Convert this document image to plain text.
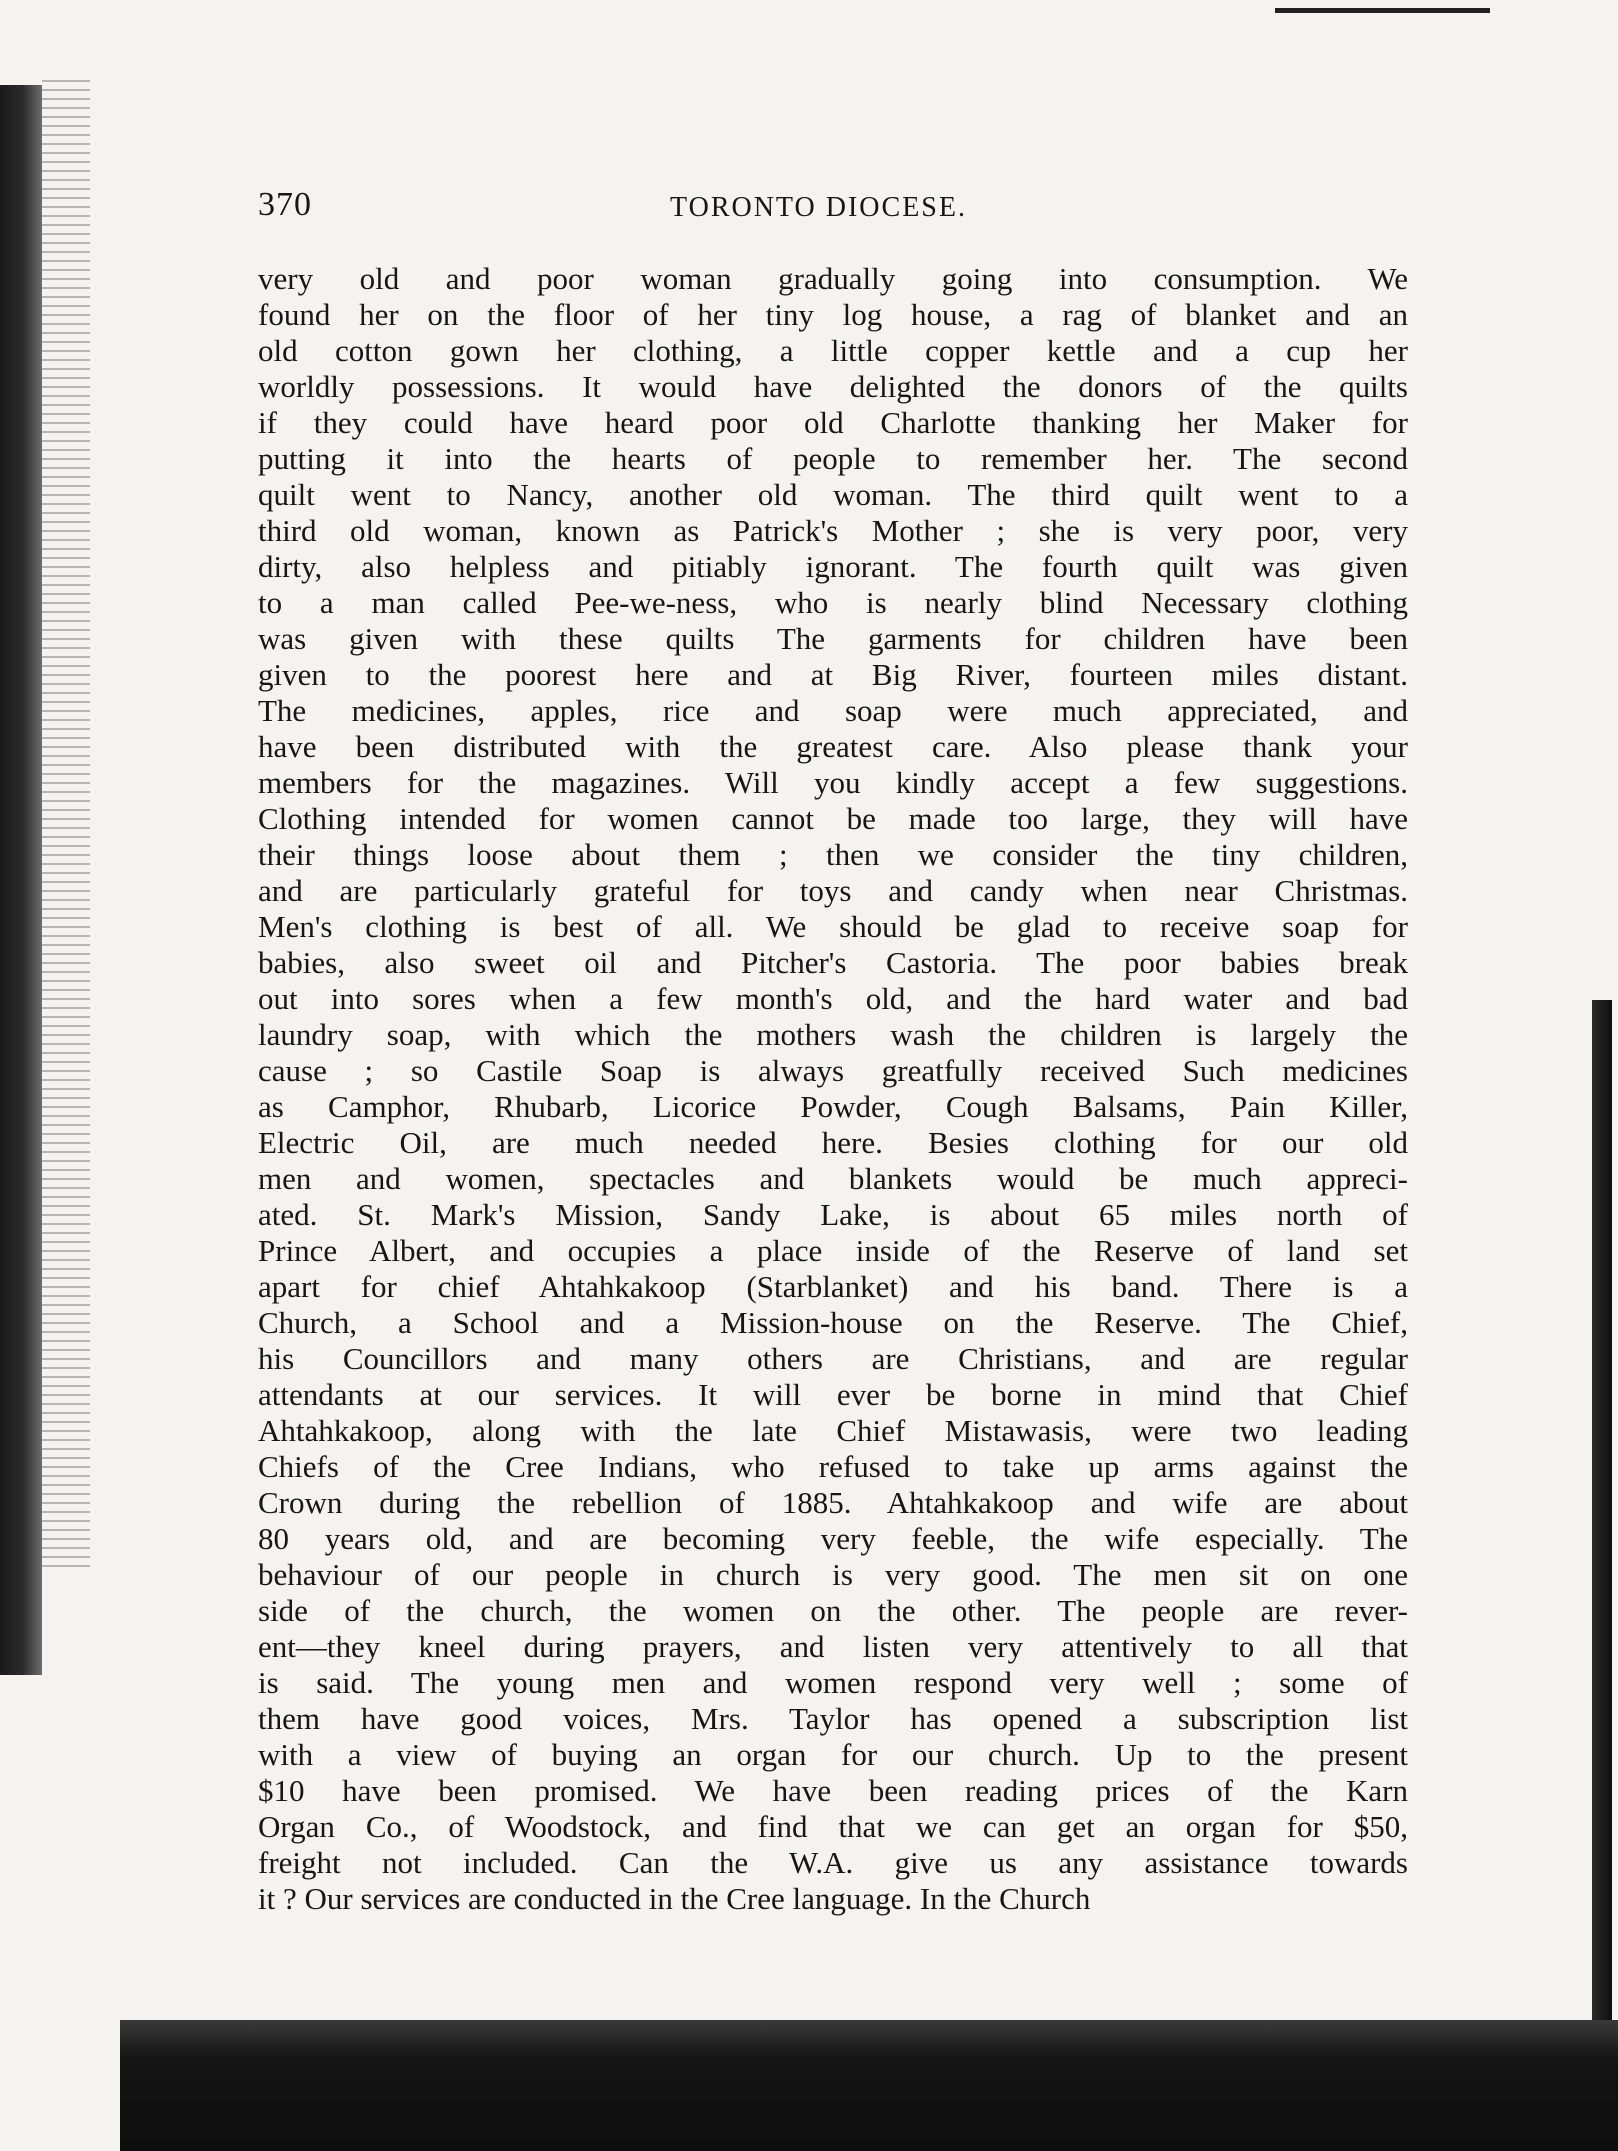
370	TORONTO DIOCESE.
very old and poor woman gradually going into consumption. We
found her on the floor of her tiny log house, a rag of blanket and an
old cotton gown her clothing, a little copper kettle and a cup her
worldly possessions. It would have delighted the donors of the quilts
if they could have heard poor old Charlotte thanking her Maker for
putting it into the hearts of people to remember her. The second
quilt went to Nancy, another old woman. The third quilt went to a
third old woman, known as Patrick's Mother ; she is very poor, very
dirty, also helpless and pitiably ignorant. The fourth quilt was given
to a man called Pee-we-ness, who is nearly blind Necessary clothing
was given with these quilts The garments for children have been
given to the poorest here and at Big River, fourteen miles distant.
The medicines, apples, rice and soap were much appreciated, and
have been distributed with the greatest care. Also please thank your
members for the magazines. Will you kindly accept a few suggestions.
Clothing intended for women cannot be made too large, they will have
their things loose about them ; then we consider the tiny children,
and are particularly grateful for toys and candy when near Christmas.
Men's clothing is best of all. We should be glad to receive soap for
babies, also sweet oil and Pitcher's Castoria. The poor babies break
out into sores when a few month's old, and the hard water and bad
laundry soap, with which the mothers wash the children is largely the
cause ; so Castile Soap is always greatfully received Such medicines
as Camphor, Rhubarb, Licorice Powder, Cough Balsams, Pain Killer,
Electric Oil, are much needed here. Besies clothing for our old
men and women, spectacles and blankets would be much appreci-
ated. St. Mark's Mission, Sandy Lake, is about 65 miles north of
Prince Albert, and occupies a place inside of the Reserve of land set
apart for chief Ahtahkakoop (Starblanket) and his band. There is a
Church, a School and a Mission-house on the Reserve. The Chief,
his Councillors and many others are Christians, and are regular
attendants at our services. It will ever be borne in mind that Chief
Ahtahkakoop, along with the late Chief Mistawasis, were two leading
Chiefs of the Cree Indians, who refused to take up arms against the
Crown during the rebellion of 1885. Ahtahkakoop and wife are about
80 years old, and are becoming very feeble, the wife especially. The
behaviour of our people in church is very good. The men sit on one
side of the church, the women on the other. The people are rever-
ent—they kneel during prayers, and listen very attentively to all that
is said. The young men and women respond very well ; some of
them have good voices, Mrs. Taylor has opened a subscription list
with a view of buying an organ for our church. Up to the present
$10 have been promised. We have been reading prices of the Karn
Organ Co., of Woodstock, and find that we can get an organ for $50,
freight not included. Can the W.A. give us any assistance towards
it ? Our services are conducted in the Cree language. In the Church
